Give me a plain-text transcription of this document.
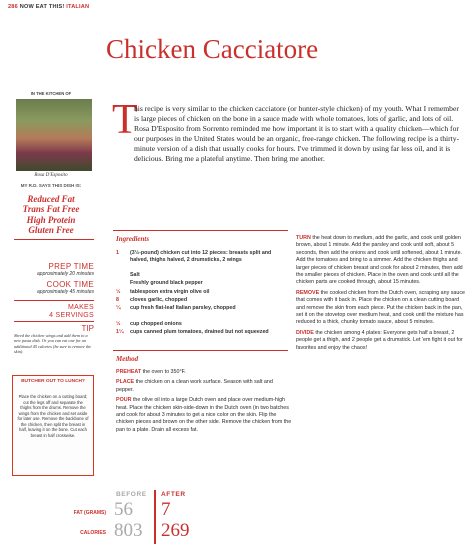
286 NOW EAT THIS! ITALIAN
Chicken Cacciatore
IN THE KITCHEN OF
Rosa D'Esposito
MY R.D. SAYS THIS DISH IS:
Reduced Fat
Trans Fat Free
High Protein
Gluten Free
PREP TIME
approximately 20 minutes
COOK TIME
approximately 45 minutes
MAKES
4 SERVINGS
TIP
Shred the chicken wings and add them to a new pasta dish. Or you can eat one for an additional 45 calories (be sure to remove the skin).
BUTCHER OUT TO LUNCH?
Place the chicken on a cutting board; cut the legs off and separate the thighs from the drums. Remove the wings from the chicken and set aside for later use. Remove the backbone of the chicken, then split the breast in half, leaving it on the bone. Cut each breast in half crosswise.
T
his recipe is very similar to the chicken cacciatore (or hunter-style chicken) of my youth. What I remember is large pieces of chicken on the bone in a sauce made with whole tomatoes, lots of garlic, and lots of oil. Rosa D'Esposito from Sorrento reminded me how important it is to start with a quality chicken—which for our purposes in the United States would be an organic, free-range chicken. The following recipe is a thirty-minute version of a dish that usually cooks for hours. I've trimmed it down by using far less oil, and it is delicious. Bring me a plateful anytime. Then bring me another.
Ingredients
1	(3½-pound) chicken cut into 12 pieces: breasts split and halved, thighs halved, 2 drumsticks, 2 wings
Salt
Freshly ground black pepper
½	tablespoon extra virgin olive oil
8	cloves garlic, chopped
¼	cup fresh flat-leaf Italian parsley, chopped
½	cup chopped onions
1¼	cups canned plum tomatoes, drained but not squeezed
Method

PREHEAT the oven to 350°F.

PLACE the chicken on a clean work surface. Season with salt and pepper.

POUR the olive oil into a large Dutch oven and place over medium-high heat. Place the chicken skin-side-down in the Dutch oven (in two batches and cook for about 3 minutes to get a nice color on the skin. Flip the chicken pieces and brown on the other side. Remove the chicken from the pan to a plate. Drain all excess fat.

TURN the heat down to medium, add the garlic, and cook until golden brown, about 1 minute. Add the parsley and cook until soft, about 5 seconds, then add the onions and cook until softened, about 1 minute. Add the tomatoes and bring to a simmer. Add the chicken thighs and larger pieces of chicken breast and cook for about 2 minutes, then add the smaller pieces of chicken. Place in the oven and cook until all the chicken parts are cooked through, about 15 minutes.

REMOVE the cooked chicken from the Dutch oven, scraping any sauce that comes with it back in. Place the chicken on a clean cutting board and remove the skin from each piece. Put the chicken back in the pan, set it on the stovetop over medium heat, and cook until the mixture has reduced to a thick, chunky tomato sauce, about 5 minutes.

DIVIDE the chicken among 4 plates: Everyone gets half a breast, 2 people get a thigh, and 2 people get a drumstick. Let 'em fight it out for favorites and enjoy the chaos!

BEFORE AFTER
FAT (GRAMS) 56 7
CALORIES 803 269
